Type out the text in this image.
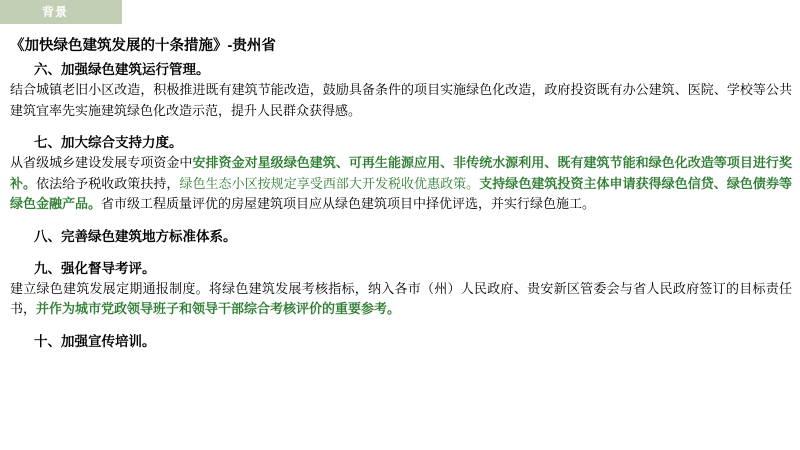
背景
《加快绿色建筑发展的十条措施》-贵州省
六、加强绿色建筑运行管理。
结合城镇老旧小区改造，积极推进既有建筑节能改造，鼓励具备条件的项目实施绿色化改造，政府投资既有办公建筑、医院、学校等公共建筑宜率先实施建筑绿色化改造示范，提升人民群众获得感。
七、加大综合支持力度。
从省级城乡建设发展专项资金中安排资金对星级绿色建筑、可再生能源应用、非传统水源利用、既有建筑节能和绿色化改造等项目进行奖补。依法给予税收政策扶持，绿色生态小区按规定享受西部大开发税收优惠政策。支持绿色建筑投资主体申请获得绿色信贷、绿色债券等绿色金融产品。省市级工程质量评优的房屋建筑项目应从绿色建筑项目中择优评选，并实行绿色施工。
八、完善绿色建筑地方标准体系。
九、强化督导考评。
建立绿色建筑发展定期通报制度。将绿色建筑发展考核指标，纳入各市（州）人民政府、贵安新区管委会与省人民政府签订的目标责任书，并作为城市党政领导班子和领导干部综合考核评价的重要参考。
十、加强宣传培训。
